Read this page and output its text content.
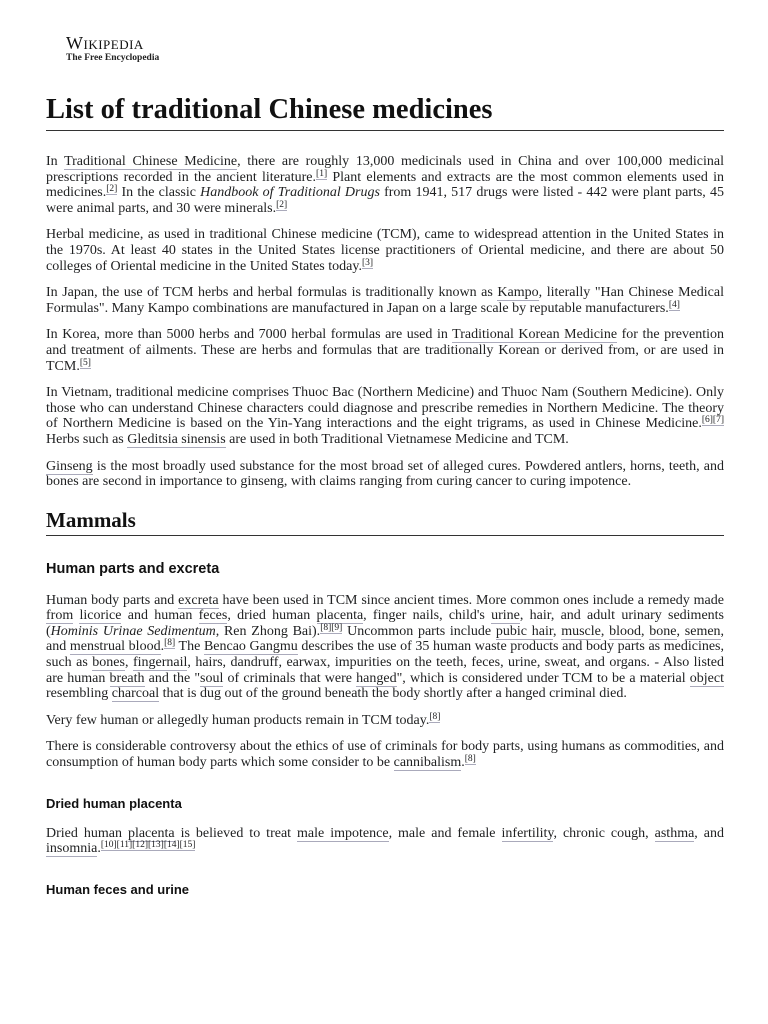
Wikipedia
The Free Encyclopedia
List of traditional Chinese medicines

In Traditional Chinese Medicine, there are roughly 13,000 medicinals used in China and over 100,000 medicinal prescriptions recorded in the ancient literature.[1] Plant elements and extracts are the most common elements used in medicines.[2] In the classic Handbook of Traditional Drugs from 1941, 517 drugs were listed - 442 were plant parts, 45 were animal parts, and 30 were minerals.[2]

Herbal medicine, as used in traditional Chinese medicine (TCM), came to widespread attention in the United States in the 1970s. At least 40 states in the United States license practitioners of Oriental medicine, and there are about 50 colleges of Oriental medicine in the United States today.[3]

In Japan, the use of TCM herbs and herbal formulas is traditionally known as Kampo, literally "Han Chinese Medical Formulas". Many Kampo combinations are manufactured in Japan on a large scale by reputable manufacturers.[4]

In Korea, more than 5000 herbs and 7000 herbal formulas are used in Traditional Korean Medicine for the prevention and treatment of ailments. These are herbs and formulas that are traditionally Korean or derived from, or are used in TCM.[5]

In Vietnam, traditional medicine comprises Thuoc Bac (Northern Medicine) and Thuoc Nam (Southern Medicine). Only those who can understand Chinese characters could diagnose and prescribe remedies in Northern Medicine. The theory of Northern Medicine is based on the Yin-Yang interactions and the eight trigrams, as used in Chinese Medicine.[6][7] Herbs such as Gleditsia sinensis are used in both Traditional Vietnamese Medicine and TCM.

Ginseng is the most broadly used substance for the most broad set of alleged cures. Powdered antlers, horns, teeth, and bones are second in importance to ginseng, with claims ranging from curing cancer to curing impotence.

Mammals
Human parts and excreta

Human body parts and excreta have been used in TCM since ancient times. More common ones include a remedy made from licorice and human feces, dried human placenta, finger nails, child's urine, hair, and adult urinary sediments (Hominis Urinae Sedimentum, Ren Zhong Bai).[8][9] Uncommon parts include pubic hair, muscle, blood, bone, semen, and menstrual blood.[8] The Bencao Gangmu describes the use of 35 human waste products and body parts as medicines, such as bones, fingernail, hairs, dandruff, earwax, impurities on the teeth, feces, urine, sweat, and organs. - Also listed are human breath and the "soul of criminals that were hanged", which is considered under TCM to be a material object resembling charcoal that is dug out of the ground beneath the body shortly after a hanged criminal died.

Very few human or allegedly human products remain in TCM today.[8]

There is considerable controversy about the ethics of use of criminals for body parts, using humans as commodities, and consumption of human body parts which some consider to be cannibalism.[8]

Dried human placenta

Dried human placenta is believed to treat male impotence, male and female infertility, chronic cough, asthma, and insomnia.[10][11][12][13][14][15]

Human feces and urine
